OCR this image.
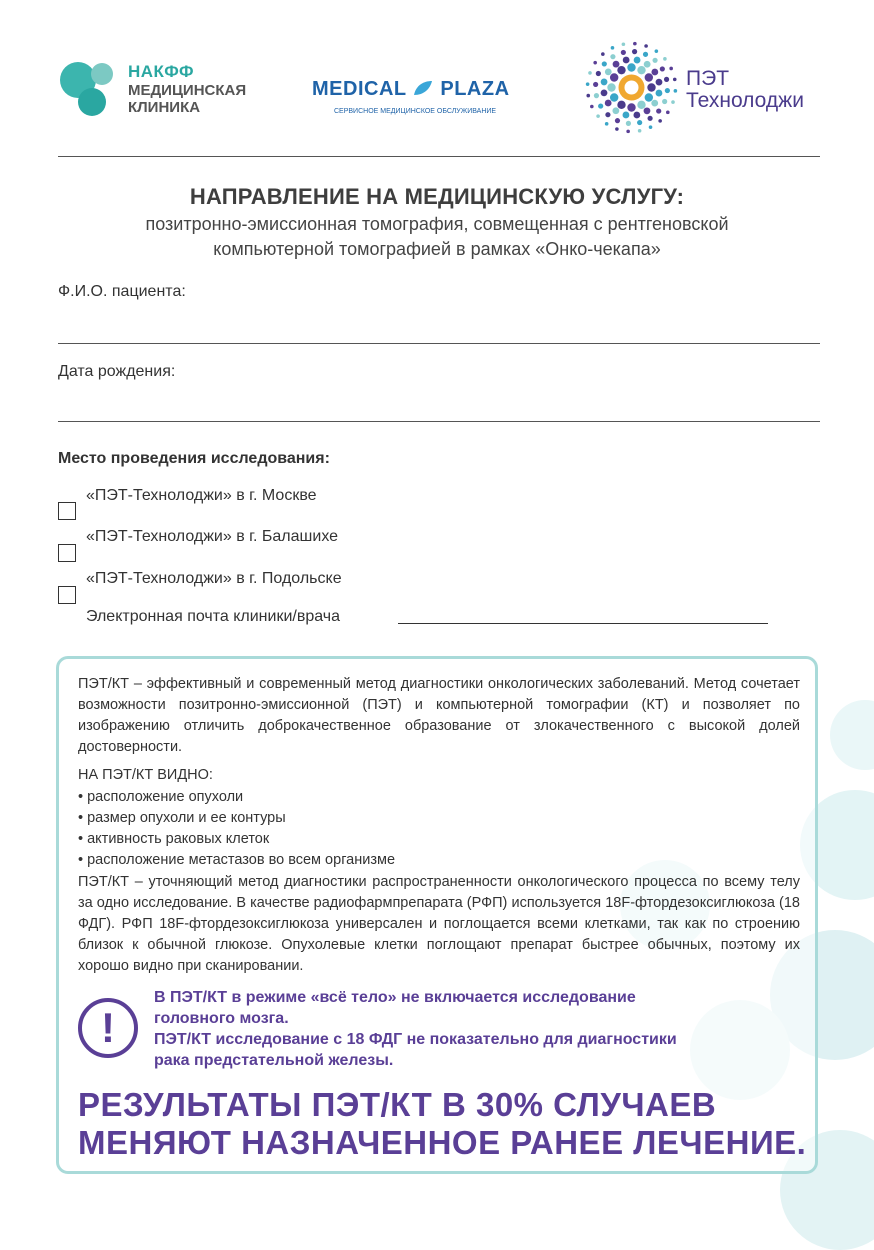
НАКФФ
МЕДИЦИНСКАЯ
КЛИНИКА
MEDICAL PLAZA
СЕРВИСНОЕ МЕДИЦИНСКОЕ ОБСЛУЖИВАНИЕ
ПЭТ
Технолоджи
НАПРАВЛЕНИЕ НА МЕДИЦИНСКУЮ УСЛУГУ:
позитронно-эмиссионная томография, совмещенная с рентгеновской
компьютерной томографией в рамках «Онко-чекапа»
Ф.И.О. пациента:
Дата рождения:
Место проведения исследования:
«ПЭТ-Технолоджи» в г. Москве
«ПЭТ-Технолоджи» в г. Балашихе
«ПЭТ-Технолоджи» в г. Подольске
Электронная почта клиники/врача
ПЭТ/КТ – эффективный и современный метод диагностики онкологических заболеваний. Метод сочетает возможности позитронно-эмиссионной (ПЭТ) и компьютерной томографии (КТ) и позволяет по изображению отличить доброкачественное образование от злокачественного с высокой долей достоверности.
НА ПЭТ/КТ ВИДНО:
• расположение опухоли
• размер опухоли и ее контуры
• активность раковых клеток
• расположение метастазов во всем организме
ПЭТ/КТ – уточняющий метод диагностики распространенности онкологического процесса по всему телу за одно исследование. В качестве радиофармпрепарата (РФП) используется 18F-фтордезоксиглюкоза (18 ФДГ). РФП 18F-фтордезоксиглюкоза универсален и поглощается всеми клетками, так как по строению близок к обычной глюкозе. Опухолевые клетки поглощают препарат быстрее обычных, поэтому их хорошо видно при сканировании.
!
В ПЭТ/КТ в режиме «всё тело» не включается исследование
головного мозга.
ПЭТ/КТ исследование с 18 ФДГ не показательно для диагностики
рака предстательной железы.
РЕЗУЛЬТАТЫ ПЭТ/КТ В 30% СЛУЧАЕВ
МЕНЯЮТ НАЗНАЧЕННОЕ РАНЕЕ ЛЕЧЕНИЕ.
